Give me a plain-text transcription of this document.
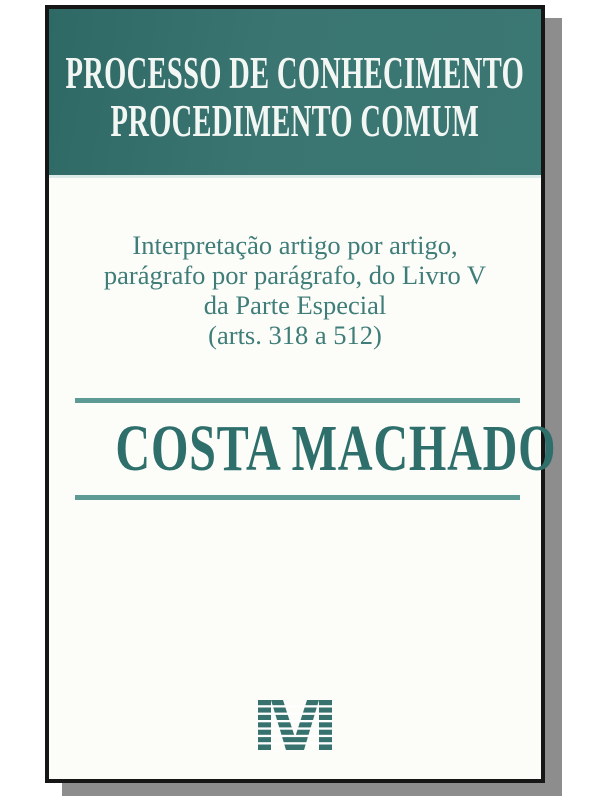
PROCESSO DE CONHECIMENTO
PROCEDIMENTO COMUM
Interpretação artigo por artigo,
parágrafo por parágrafo, do Livro V
da Parte Especial
(arts. 318 a 512)
COSTA MACHADO
